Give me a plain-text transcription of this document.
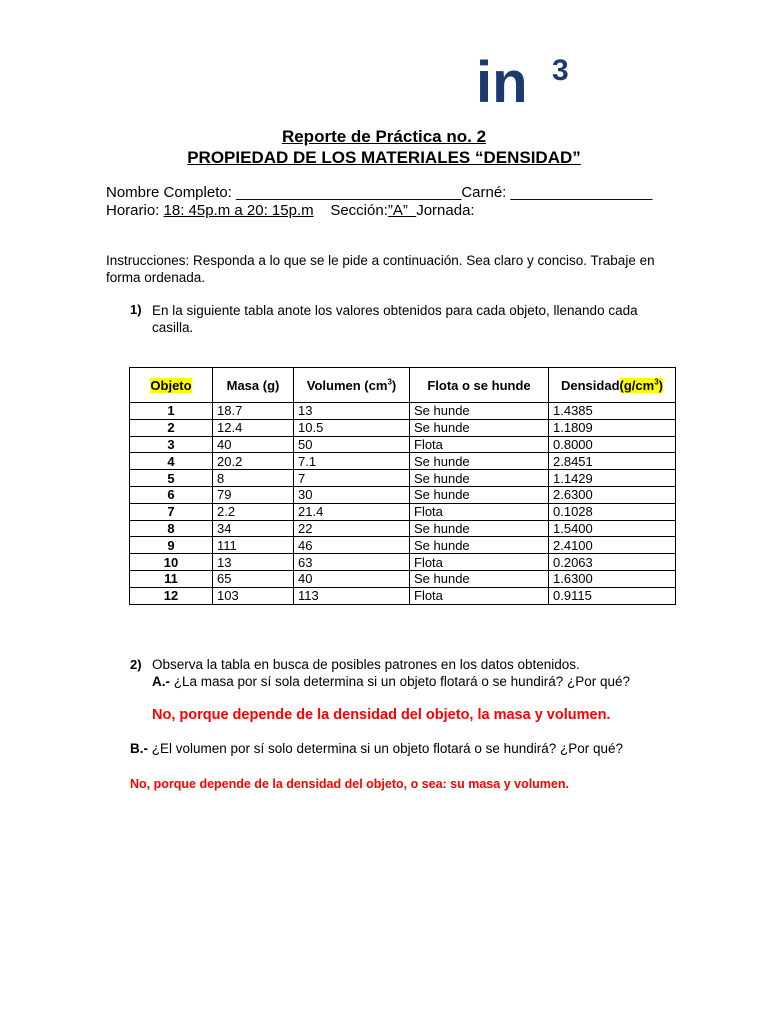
in 3
Reporte de Práctica no. 2
PROPIEDAD DE LOS MATERIALES “DENSIDAD”
Nombre Completo: ___________________________Carné: _________________
Horario: 18: 45p.m a 20: 15p.m Sección:”A” Jornada:
Instrucciones: Responda a lo que se le pide a continuación. Sea claro y conciso. Trabaje en forma ordenada.
1) En la siguiente tabla anote los valores obtenidos para cada objeto, llenando cada casilla.
Objeto	Masa (g)	Volumen $(cm^3)$	Flota o se hunde	$Densidad(g/cm^3)$
1	18.7	13	Se hunde	1.4385
2	12.4	10.5	Se hunde	1.1809
3	40	50	Flota	0.8000
4	20.2	7.1	Se hunde	2.8451
5	8	7	Se hunde	1.1429
6	79	30	Se hunde	2.6300
7	2.2	21.4	Flota	0.1028
8	34	22	Se hunde	1.5400
9	111	46	Se hunde	2.4100
10	13	63	Flota	0.2063
11	65	40	Se hunde	1.6300
12	103	113	Flota	0.9115
2) Observa la tabla en busca de posibles patrones en los datos obtenidos.
A.- ¿La masa por sí sola determina si un objeto flotará o se hundirá? ¿Por qué?
No, porque depende de la densidad del objeto, la masa y volumen.
B.- ¿El volumen por sí solo determina si un objeto flotará o se hundirá? ¿Por qué?
No, porque depende de la densidad del objeto, o sea: su masa y volumen.
